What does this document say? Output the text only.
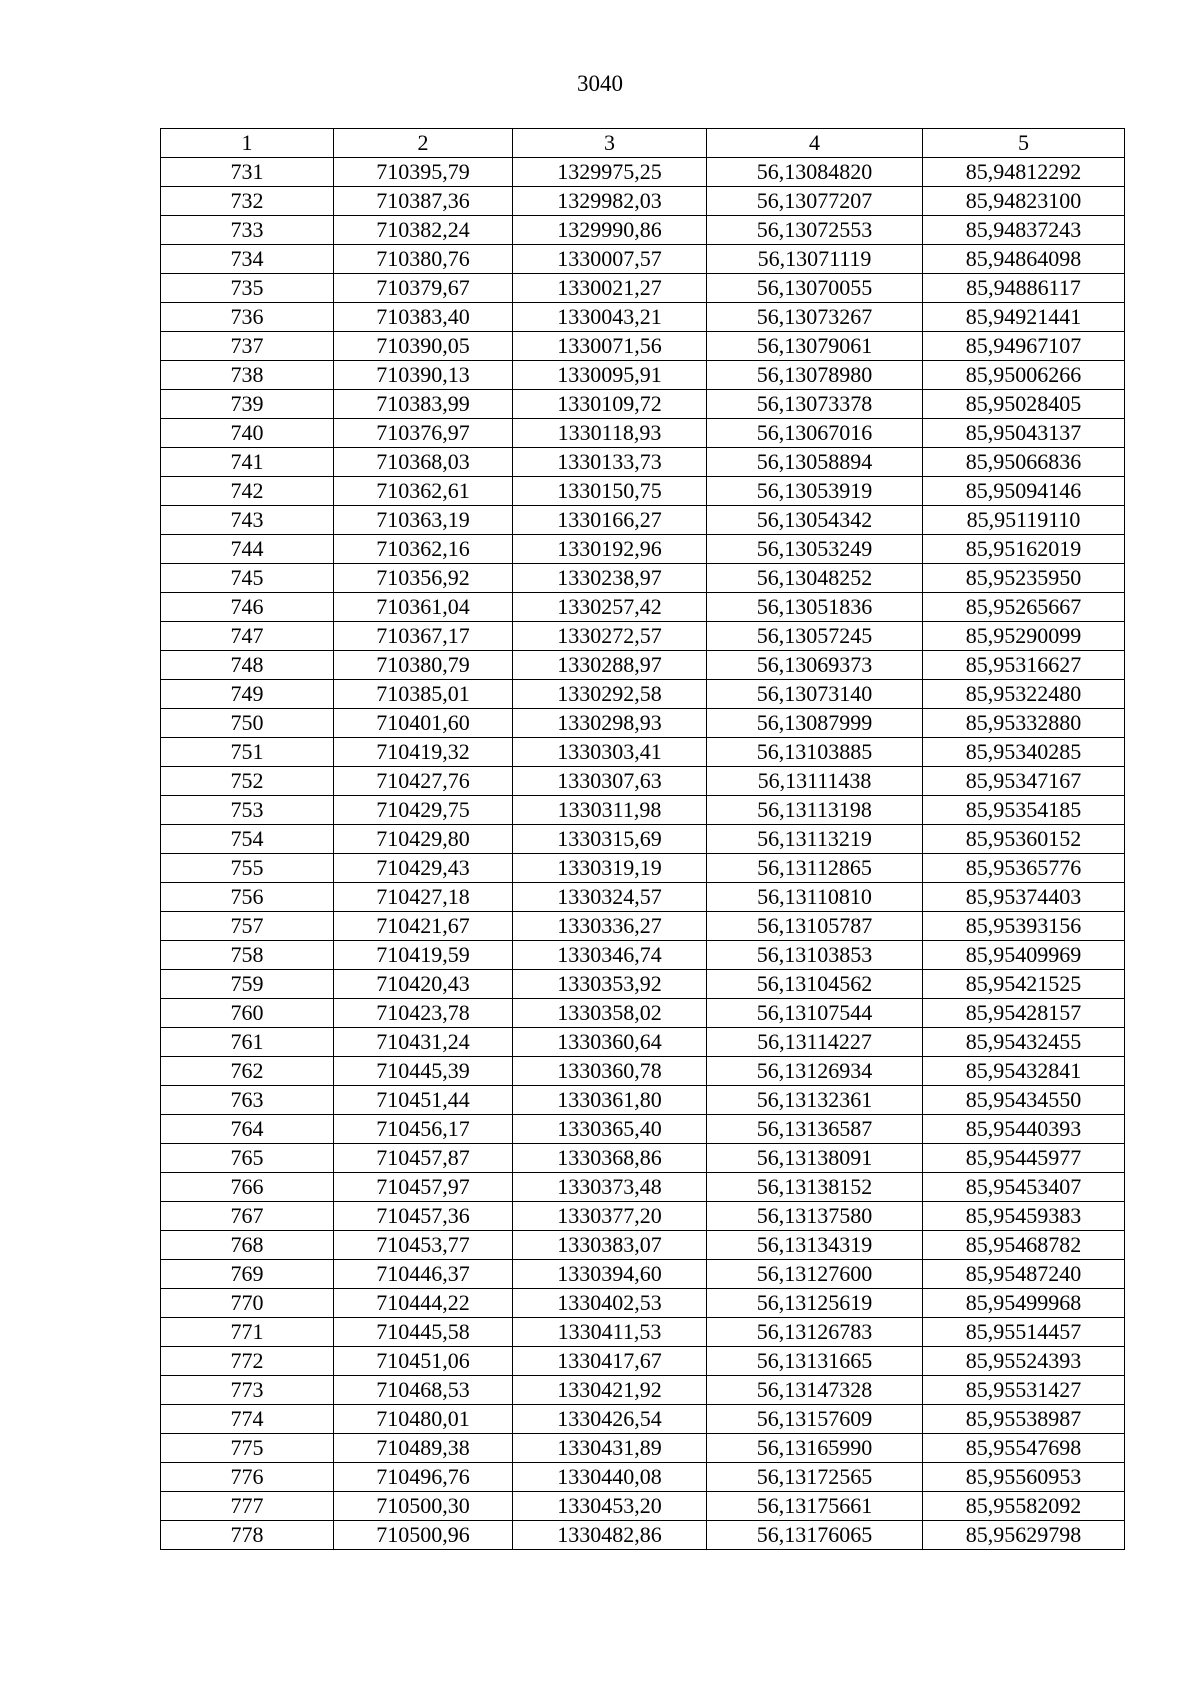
3040
1	2	3	4	5
731	710395,79	1329975,25	56,13084820	85,94812292
732	710387,36	1329982,03	56,13077207	85,94823100
733	710382,24	1329990,86	56,13072553	85,94837243
734	710380,76	1330007,57	56,13071119	85,94864098
735	710379,67	1330021,27	56,13070055	85,94886117
736	710383,40	1330043,21	56,13073267	85,94921441
737	710390,05	1330071,56	56,13079061	85,94967107
738	710390,13	1330095,91	56,13078980	85,95006266
739	710383,99	1330109,72	56,13073378	85,95028405
740	710376,97	1330118,93	56,13067016	85,95043137
741	710368,03	1330133,73	56,13058894	85,95066836
742	710362,61	1330150,75	56,13053919	85,95094146
743	710363,19	1330166,27	56,13054342	85,95119110
744	710362,16	1330192,96	56,13053249	85,95162019
745	710356,92	1330238,97	56,13048252	85,95235950
746	710361,04	1330257,42	56,13051836	85,95265667
747	710367,17	1330272,57	56,13057245	85,95290099
748	710380,79	1330288,97	56,13069373	85,95316627
749	710385,01	1330292,58	56,13073140	85,95322480
750	710401,60	1330298,93	56,13087999	85,95332880
751	710419,32	1330303,41	56,13103885	85,95340285
752	710427,76	1330307,63	56,13111438	85,95347167
753	710429,75	1330311,98	56,13113198	85,95354185
754	710429,80	1330315,69	56,13113219	85,95360152
755	710429,43	1330319,19	56,13112865	85,95365776
756	710427,18	1330324,57	56,13110810	85,95374403
757	710421,67	1330336,27	56,13105787	85,95393156
758	710419,59	1330346,74	56,13103853	85,95409969
759	710420,43	1330353,92	56,13104562	85,95421525
760	710423,78	1330358,02	56,13107544	85,95428157
761	710431,24	1330360,64	56,13114227	85,95432455
762	710445,39	1330360,78	56,13126934	85,95432841
763	710451,44	1330361,80	56,13132361	85,95434550
764	710456,17	1330365,40	56,13136587	85,95440393
765	710457,87	1330368,86	56,13138091	85,95445977
766	710457,97	1330373,48	56,13138152	85,95453407
767	710457,36	1330377,20	56,13137580	85,95459383
768	710453,77	1330383,07	56,13134319	85,95468782
769	710446,37	1330394,60	56,13127600	85,95487240
770	710444,22	1330402,53	56,13125619	85,95499968
771	710445,58	1330411,53	56,13126783	85,95514457
772	710451,06	1330417,67	56,13131665	85,95524393
773	710468,53	1330421,92	56,13147328	85,95531427
774	710480,01	1330426,54	56,13157609	85,95538987
775	710489,38	1330431,89	56,13165990	85,95547698
776	710496,76	1330440,08	56,13172565	85,95560953
777	710500,30	1330453,20	56,13175661	85,95582092
778	710500,96	1330482,86	56,13176065	85,95629798
